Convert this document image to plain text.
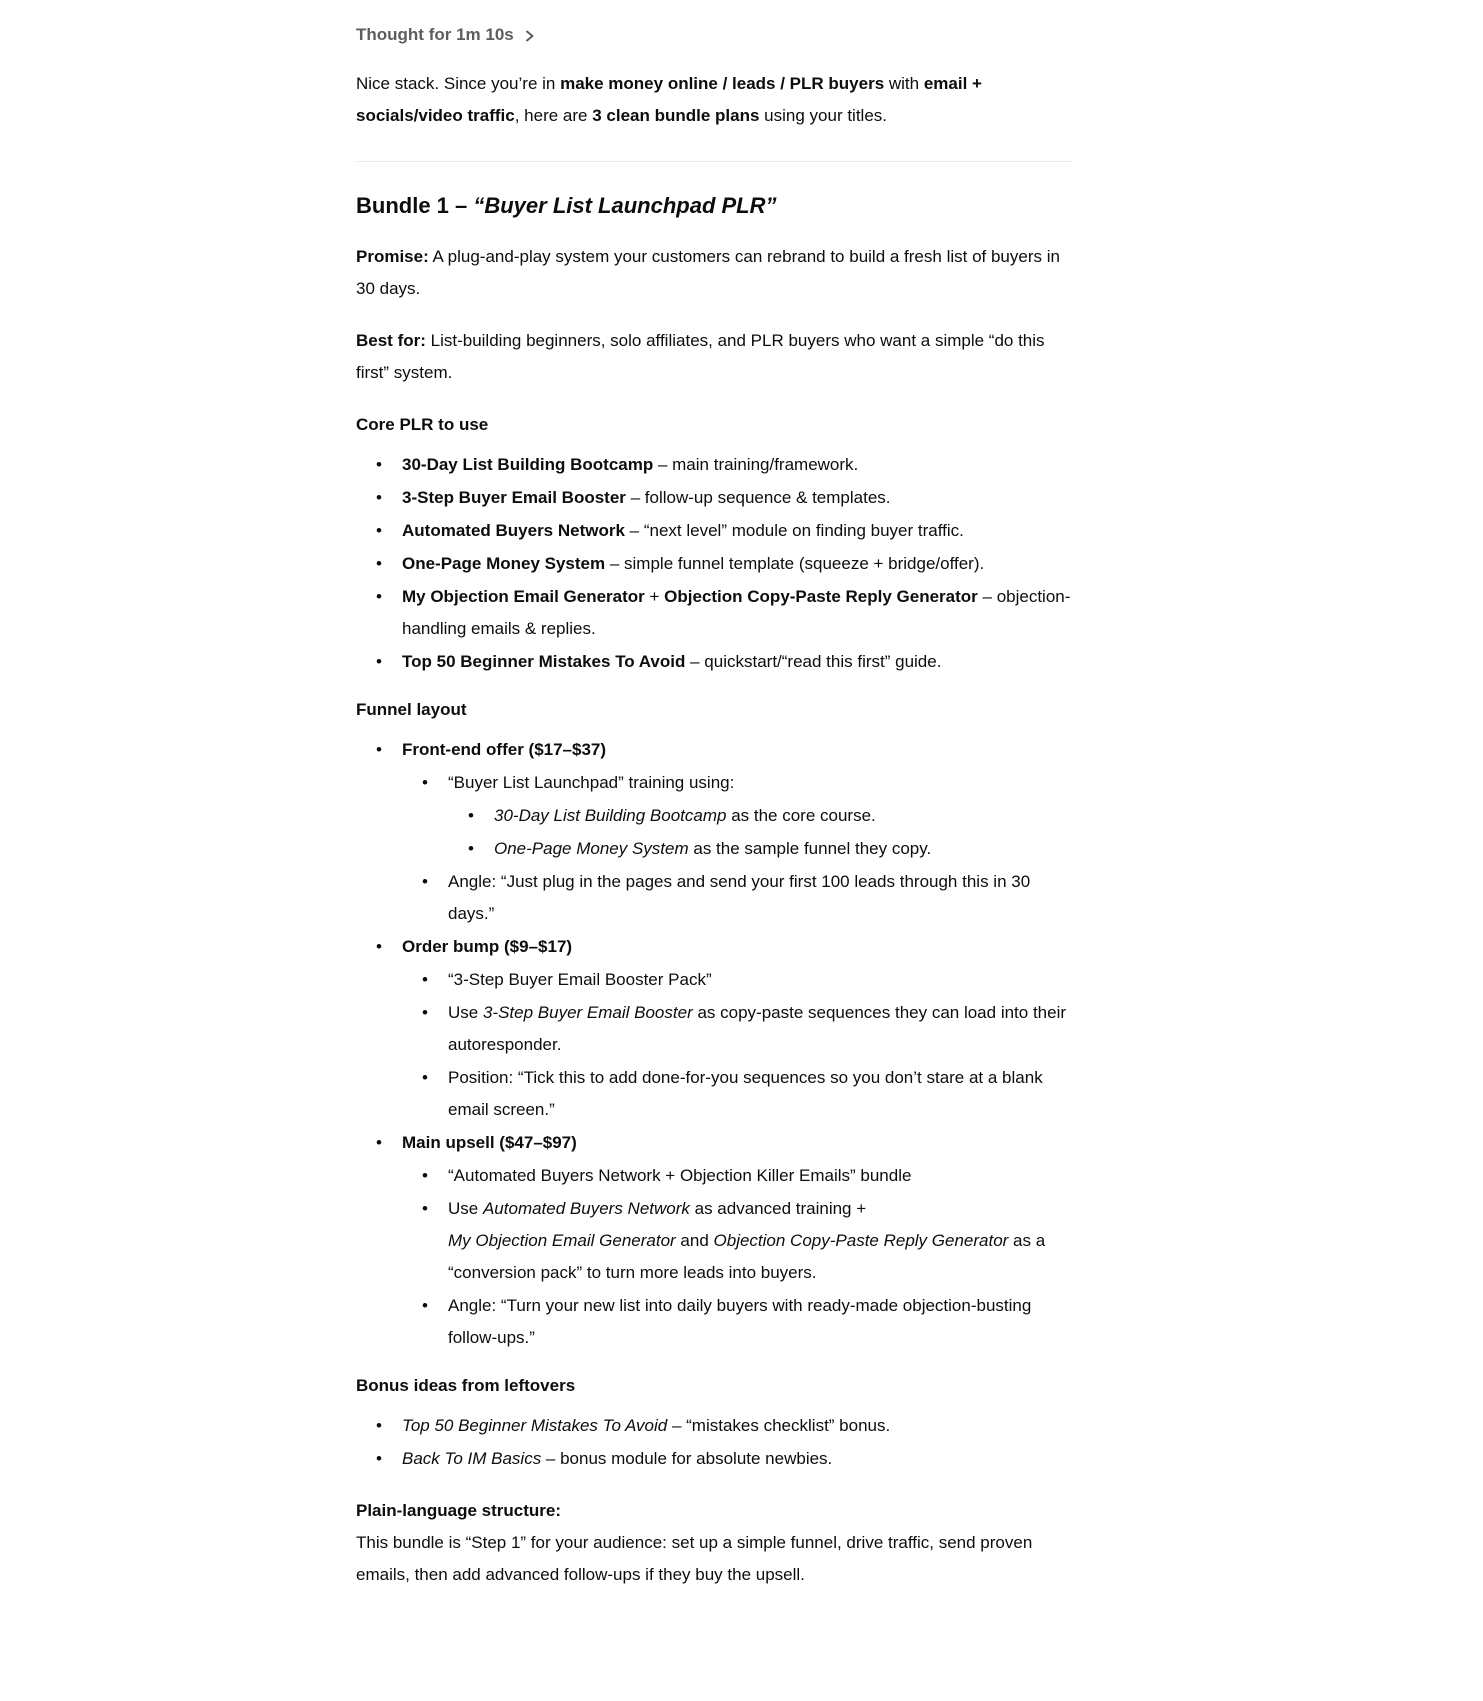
Thought for 1m 10s

Nice stack. Since you’re in make money online / leads / PLR buyers with email + socials/video traffic, here are 3 clean bundle plans using your titles.

Bundle 1 – “Buyer List Launchpad PLR”

Promise: A plug-and-play system your customers can rebrand to build a fresh list of buyers in 30 days.

Best for: List-building beginners, solo affiliates, and PLR buyers who want a simple “do this first” system.

Core PLR to use

• 30-Day List Building Bootcamp – main training/framework.
• 3-Step Buyer Email Booster – follow-up sequence & templates.
• Automated Buyers Network – “next level” module on finding buyer traffic.
• One-Page Money System – simple funnel template (squeeze + bridge/offer).
• My Objection Email Generator + Objection Copy-Paste Reply Generator – objection-handling emails & replies.
• Top 50 Beginner Mistakes To Avoid – quickstart/“read this first” guide.

Funnel layout

• Front-end offer ($17–$37)
• “Buyer List Launchpad” training using:
• 30-Day List Building Bootcamp as the core course.
• One-Page Money System as the sample funnel they copy.
• Angle: “Just plug in the pages and send your first 100 leads through this in 30 days.”
• Order bump ($9–$17)
• “3-Step Buyer Email Booster Pack”
• Use 3-Step Buyer Email Booster as copy-paste sequences they can load into their autoresponder.
• Position: “Tick this to add done-for-you sequences so you don’t stare at a blank email screen.”
• Main upsell ($47–$97)
• “Automated Buyers Network + Objection Killer Emails” bundle
• Use Automated Buyers Network as advanced training +
My Objection Email Generator and Objection Copy-Paste Reply Generator as a “conversion pack” to turn more leads into buyers.
• Angle: “Turn your new list into daily buyers with ready-made objection-busting follow-ups.”

Bonus ideas from leftovers

• Top 50 Beginner Mistakes To Avoid – “mistakes checklist” bonus.
• Back To IM Basics – bonus module for absolute newbies.

Plain-language structure:
This bundle is “Step 1” for your audience: set up a simple funnel, drive traffic, send proven emails, then add advanced follow-ups if they buy the upsell.
